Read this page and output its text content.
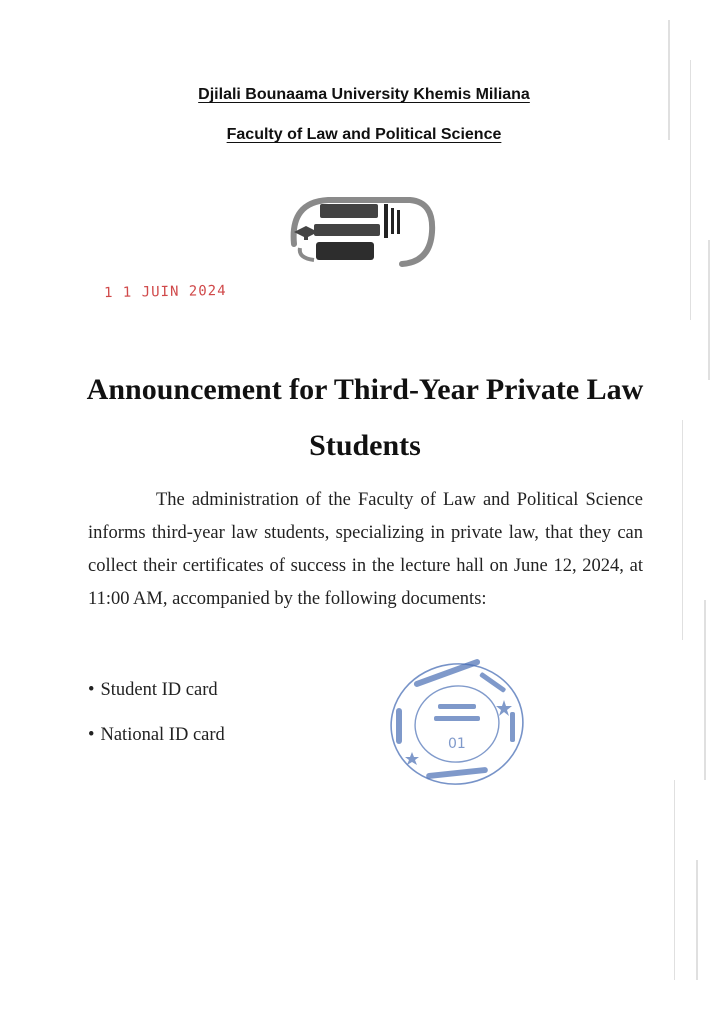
Djilali Bounaama University Khemis Miliana
Faculty of Law and Political Science
1 1 JUIN 2024
Announcement for Third-Year Private Law Students
The administration of the Faculty of Law and Political Science informs third-year law students, specializing in private law, that they can collect their certificates of success in the lecture hall on June 12, 2024, at 11:00 AM, accompanied by the following documents:
• Student ID card
• National ID card	01
